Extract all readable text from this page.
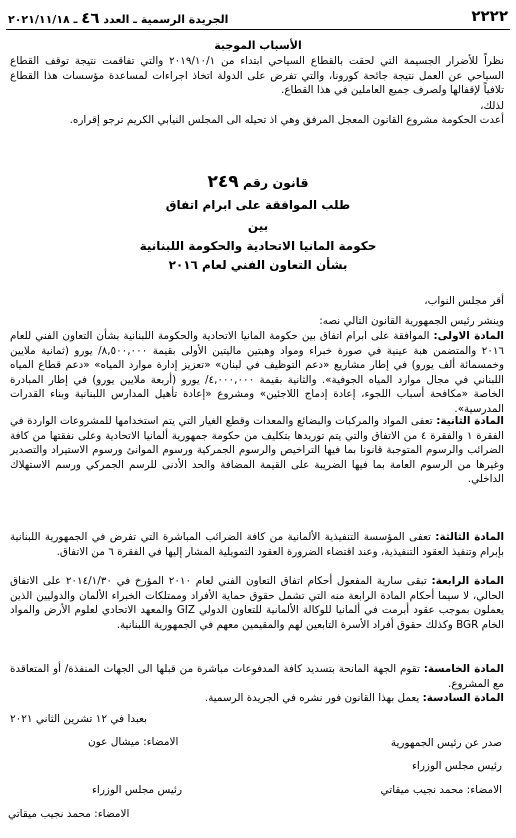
٢٢٢٢
الجريدة الرسمية ـ العدد ٤٦ ـ ٢٠٢١/١١/١٨
الأسباب الموجبة
نظراً للأضرار الجسيمة التي لحقت بالقطاع السياحي ابتداء من ٢٠١٩/١٠/١ والتي تفاقمت نتيجة توقف القطاع السياحي عن العمل نتيجة جائحة كورونا، والتي تفرض على الدولة اتخاذ اجراءات لمساعدة مؤسسات هذا القطاع تلافياً لإقفالها ولصرف جميع العاملين في هذا القطاع.
لذلك،
أعدت الحكومة مشروع القانون المعجل المرفق وهي اذ تحيله الى المجلس النيابي الكريم ترجو إقراره.
قانون رقم ٢٤٩
طلب الموافقة على ابرام اتفاق
بين
حكومة المانيا الاتحادية والحكومة اللبنانية
بشأن التعاون الفني لعام ٢٠١٦
أقر مجلس النواب،
وينشر رئيس الجمهورية القانون التالي نصه:
المادة الاولى: الموافقة على ابرام اتفاق بين حكومة المانيا الاتحادية والحكومة اللبنانية بشأن التعاون الفني للعام ٢٠١٦ والمتضمن هبة عينية في صورة خبراء ومواد وهبتين ماليتين الأولى بقيمة ٨,٥٠٠,٠٠٠/ يورو (ثمانية ملايين وخمسمائة ألف يورو) في إطار مشاريع «دعم التوظيف في لبنان» «تعزيز إدارة موارد المياه» «دعم قطاع المياه اللبناني في مجال موارد المياه الجوفية». والثانية بقيمة ٤,٠٠٠,٠٠٠/ يورو (أربعة ملايين يورو) في إطار المبادرة الخاصة «مكافحة أسباب اللجوء، إعادة إدماج اللاجئين» ومشروع «إعادة تأهيل المدارس اللبنانية وبناء القدرات المدرسية».
المادة الثانية: تعفى المواد والمركبات والبضائع والمعدات وقطع الغيار التي يتم استخدامها للمشروعات الواردة في الفقرة ١ والفقرة ٤ من الاتفاق والتي يتم توريدها بتكليف من حكومة جمهورية ألمانيا الاتحادية وعلى نفقتها من كافة الضرائب والرسوم المتوجبة قانونا بما فيها التراخيص والرسوم الجمركية ورسوم الموانئ ورسوم الاستيراد والتصدير وغيرها من الرسوم العامة بما فيها الضريبة على القيمة المضافة والحد الأدنى للرسم الجمركي ورسم الاستهلاك الداخلي.
المادة الثالثة: تعفى المؤسسة التنفيذية الألمانية من كافة الضرائب المباشرة التي تفرض في الجمهورية اللبنانية بإبرام وتنفيذ العقود التنفيذية، وعند اقتضاء الضرورة العقود التمويلية المشار إليها في الفقرة ٦ من الاتفاق.
المادة الرابعة: تبقى سارية المفعول أحكام اتفاق التعاون الفني لعام ٢٠١٠ المؤرخ في ٢٠١٤/١/٣٠ على الاتفاق الحالي، لا سيما أحكام المادة الرابعة منه التي تشمل حقوق حماية الأفراد وممتلكات الخبراء الألمان والدوليين الذين يعملون بموجب عقود أبرمت في ألمانيا للوكالة الألمانية للتعاون الدولي GIZ والمعهد الاتحادي لعلوم الأرض والمواد الخام BGR وكذلك حقوق أفراد الأسرة التابعين لهم والمقيمين معهم في الجمهورية اللبنانية.
المادة الخامسة: تقوم الجهة المانحة بتسديد كافة المدفوعات مباشرة من قبلها الى الجهات المنفذة/ أو المتعاقدة مع المشروع.
المادة السادسة: يعمل بهذا القانون فور نشره في الجريدة الرسمية.
بعبدا في ١٢ تشرين الثاني ٢٠٢١
الامضاء: ميشال عون	صدر عن رئيس الجمهورية
رئيس مجلس الوزراء
الامضاء: محمد نجيب ميقاتي
رئيس مجلس الوزراء
الامضاء: محمد نجيب ميقاتي
